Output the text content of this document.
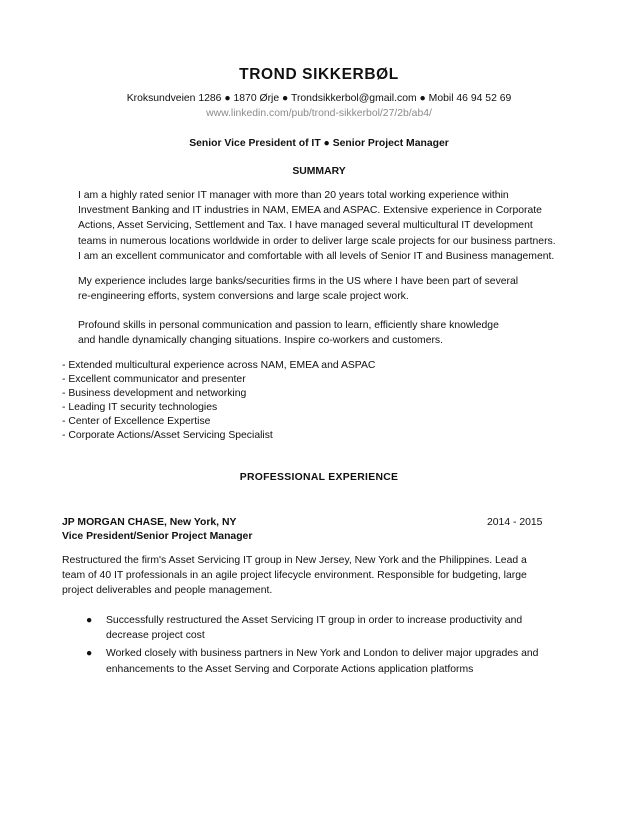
TROND SIKKERBØL
Kroksundveien 1286 ● 1870 Ørje ● Trondsikkerbol@gmail.com ● Mobil 46 94 52 69
www.linkedin.com/pub/trond-sikkerbol/27/2b/ab4/
Senior Vice President of IT ● Senior Project Manager
SUMMARY
I am a highly rated senior IT manager with more than 20 years total working experience within
Investment Banking and IT industries in NAM, EMEA and ASPAC. Extensive experience in Corporate
Actions, Asset Servicing, Settlement and Tax. I have managed several multicultural IT development
teams in numerous locations worldwide in order to deliver large scale projects for our business partners.
I am an excellent communicator and comfortable with all levels of Senior IT and Business management.
My experience includes large banks/securities firms in the US where I have been part of several
re-engineering efforts, system conversions and large scale project work.
Profound skills in personal communication and passion to learn, efficiently share knowledge
and handle dynamically changing situations. Inspire co-workers and customers.
- Extended multicultural experience across NAM, EMEA and ASPAC
- Excellent communicator and presenter
- Business development and networking
- Leading IT security technologies
- Center of Excellence Expertise
- Corporate Actions/Asset Servicing Specialist
PROFESSIONAL EXPERIENCE
JP MORGAN CHASE, New York, NY	2014 - 2015
Vice President/Senior Project Manager
Restructured the firm's Asset Servicing IT group in New Jersey, New York and the Philippines. Lead a
team of 40 IT professionals in an agile project lifecycle environment. Responsible for budgeting, large
project deliverables and people management.
● Successfully restructured the Asset Servicing IT group in order to increase productivity and
decrease project cost
● Worked closely with business partners in New York and London to deliver major upgrades and
enhancements to the Asset Serving and Corporate Actions application platforms
